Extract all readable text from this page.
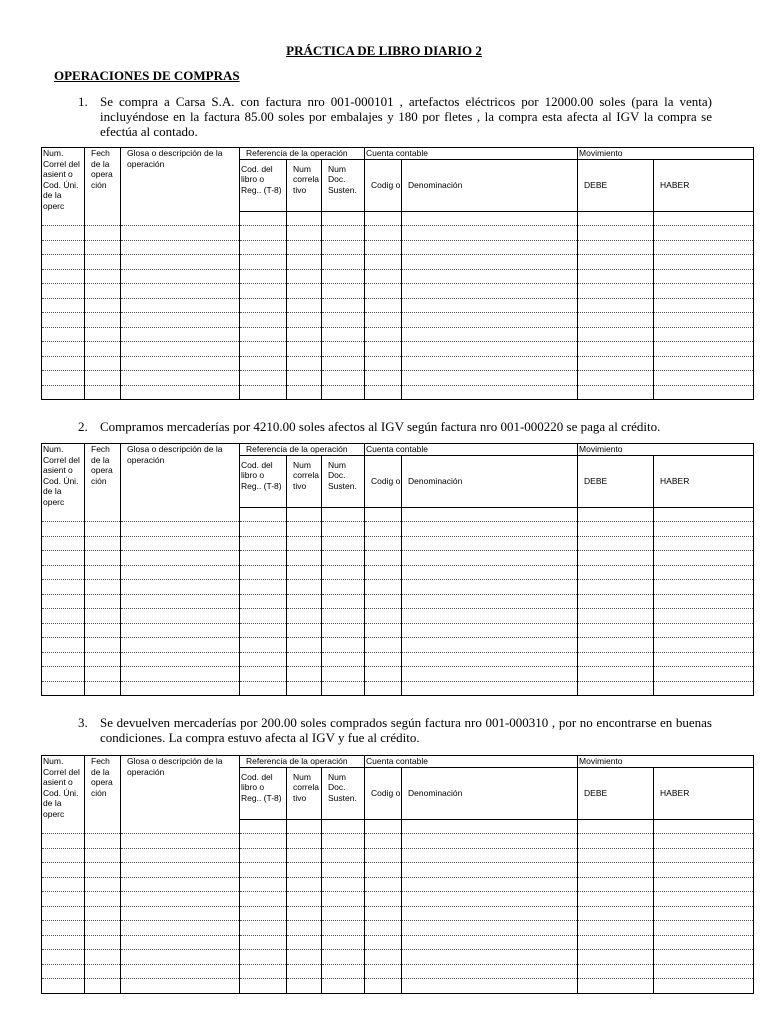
PRÁCTICA DE LIBRO DIARIO 2
OPERACIONES DE COMPRAS
1. Se compra a Carsa S.A. con factura nro 001-000101 , artefactos eléctricos por 12000.00 soles (para la venta) incluyéndose en la factura 85.00 soles por embalajes y 180 por fletes , la compra esta afecta al IGV la compra se efectúa al contado.
2. Compramos mercaderías por 4210.00 soles afectos al IGV según factura nro 001-000220 se paga al crédito.
3. Se devuelven mercaderías por 200.00 soles comprados según factura nro 001-000310 , por no encontrarse en buenas condiciones. La compra estuvo afecta al IGV y fue al crédito.
Num. Correl del asient o Cod. Úni. de la operc	Fech de la opera ción	Glosa o descripción de la operación	Referencia de la operación			Cuenta contable		Movimiento	
			Cod. del libro o Reg.. (T-8)	Num correla tivo	Num Doc. Susten.	Codig o	Denominación	DEBE	HABER

Num. Correl del asient o Cod. Úni. de la operc	Fech de la opera ción	Glosa o descripción de la operación	Referencia de la operación			Cuenta contable		Movimiento	
			Cod. del libro o Reg.. (T-8)	Num correla tivo	Num Doc. Susten.	Codig o	Denominación	DEBE	HABER

Num. Correl del asient o Cod. Úni. de la operc	Fech de la opera ción	Glosa o descripción de la operación	Referencia de la operación			Cuenta contable		Movimiento	
			Cod. del libro o Reg.. (T-8)	Num correla tivo	Num Doc. Susten.	Codig o	Denominación	DEBE	HABER
